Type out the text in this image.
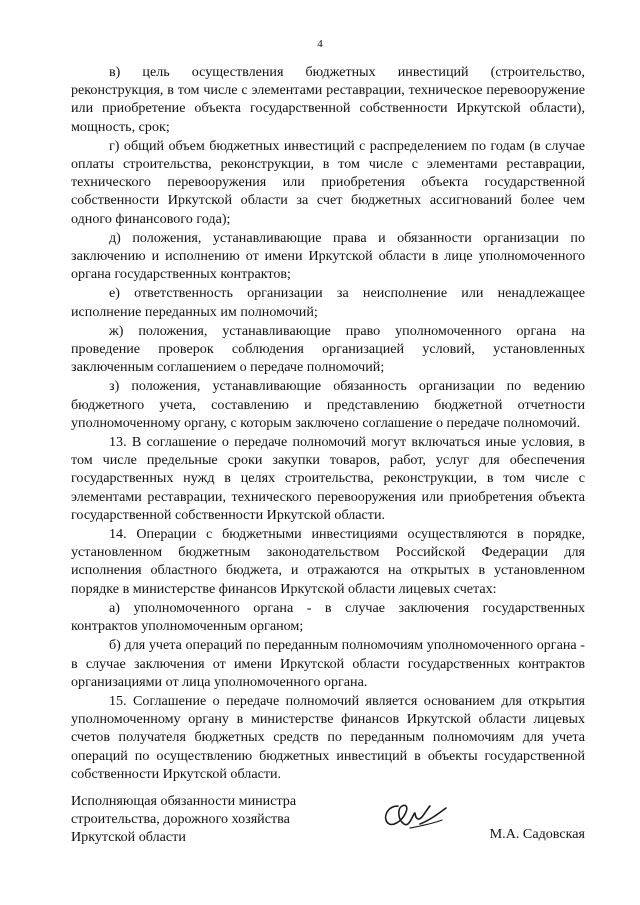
4

в) цель осуществления бюджетных инвестиций (строительство, реконструкция, в том числе с элементами реставрации, техническое перевооружение или приобретение объекта государственной собственности Иркутской области), мощность, срок;

г) общий объем бюджетных инвестиций с распределением по годам (в случае оплаты строительства, реконструкции, в том числе с элементами реставрации, технического перевооружения или приобретения объекта государственной собственности Иркутской области за счет бюджетных ассигнований более чем одного финансового года);

д) положения, устанавливающие права и обязанности организации по заключению и исполнению от имени Иркутской области в лице уполномоченного органа государственных контрактов;

е) ответственность организации за неисполнение или ненадлежащее исполнение переданных им полномочий;

ж) положения, устанавливающие право уполномоченного органа на проведение проверок соблюдения организацией условий, установленных заключенным соглашением о передаче полномочий;

з) положения, устанавливающие обязанность организации по ведению бюджетного учета, составлению и представлению бюджетной отчетности уполномоченному органу, с которым заключено соглашение о передаче полномочий.

13. В соглашение о передаче полномочий могут включаться иные условия, в том числе предельные сроки закупки товаров, работ, услуг для обеспечения государственных нужд в целях строительства, реконструкции, в том числе с элементами реставрации, технического перевооружения или приобретения объекта государственной собственности Иркутской области.

14. Операции с бюджетными инвестициями осуществляются в порядке, установленном бюджетным законодательством Российской Федерации для исполнения областного бюджета, и отражаются на открытых в установленном порядке в министерстве финансов Иркутской области лицевых счетах:

а) уполномоченного органа - в случае заключения государственных контрактов уполномоченным органом;

б) для учета операций по переданным полномочиям уполномоченного органа - в случае заключения от имени Иркутской области государственных контрактов организациями от лица уполномоченного органа.

15. Соглашение о передаче полномочий является основанием для открытия уполномоченному органу в министерстве финансов Иркутской области лицевых счетов получателя бюджетных средств по переданным полномочиям для учета операций по осуществлению бюджетных инвестиций в объекты государственной собственности Иркутской области.

Исполняющая обязанности министра
строительства, дорожного хозяйства
Иркутской области	М.А. Садовская
